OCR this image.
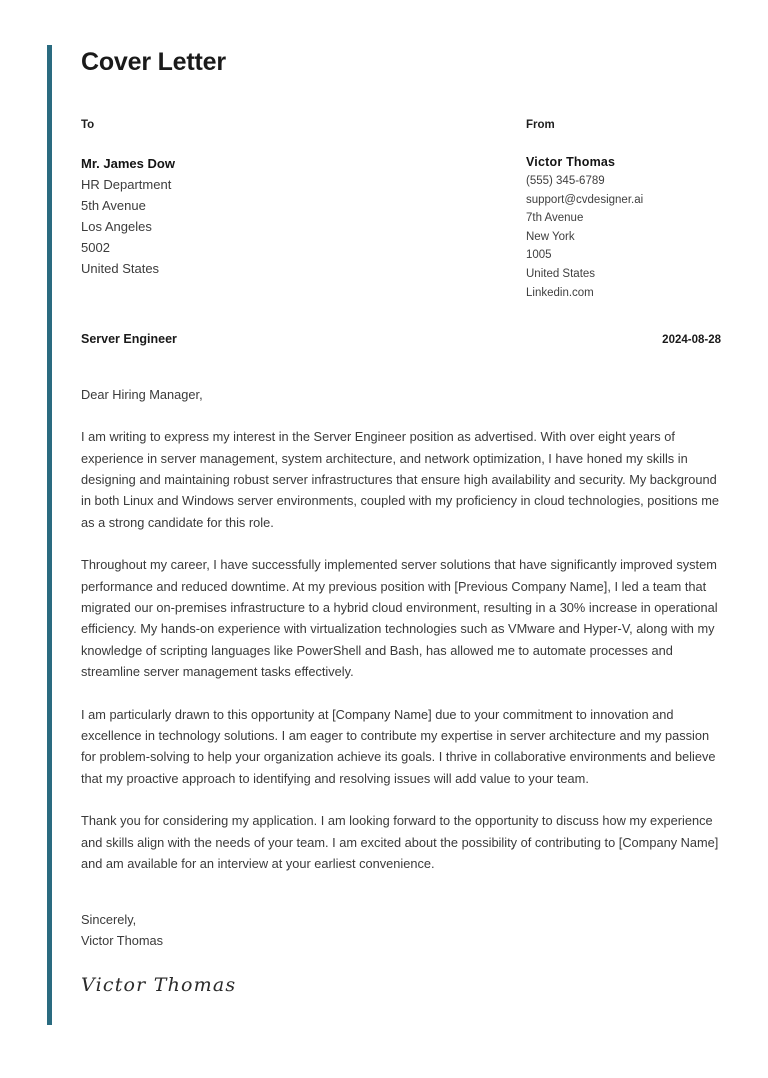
Cover Letter
To
Mr. James Dow
HR Department
5th Avenue
Los Angeles
5002
United States
From
Victor Thomas
(555) 345-6789
support@cvdesigner.ai
7th Avenue
New York
1005
United States
Linkedin.com
Server Engineer	2024-08-28
Dear Hiring Manager,

I am writing to express my interest in the Server Engineer position as advertised. With over eight years of experience in server management, system architecture, and network optimization, I have honed my skills in designing and maintaining robust server infrastructures that ensure high availability and security. My background in both Linux and Windows server environments, coupled with my proficiency in cloud technologies, positions me as a strong candidate for this role.

Throughout my career, I have successfully implemented server solutions that have significantly improved system performance and reduced downtime. At my previous position with [Previous Company Name], I led a team that migrated our on-premises infrastructure to a hybrid cloud environment, resulting in a 30% increase in operational efficiency. My hands-on experience with virtualization technologies such as VMware and Hyper-V, along with my knowledge of scripting languages like PowerShell and Bash, has allowed me to automate processes and streamline server management tasks effectively.

I am particularly drawn to this opportunity at [Company Name] due to your commitment to innovation and excellence in technology solutions. I am eager to contribute my expertise in server architecture and my passion for problem-solving to help your organization achieve its goals. I thrive in collaborative environments and believe that my proactive approach to identifying and resolving issues will add value to your team.

Thank you for considering my application. I am looking forward to the opportunity to discuss how my experience and skills align with the needs of your team. I am excited about the possibility of contributing to [Company Name] and am available for an interview at your earliest convenience.

Sincerely,
Victor Thomas
Victor Thomas
